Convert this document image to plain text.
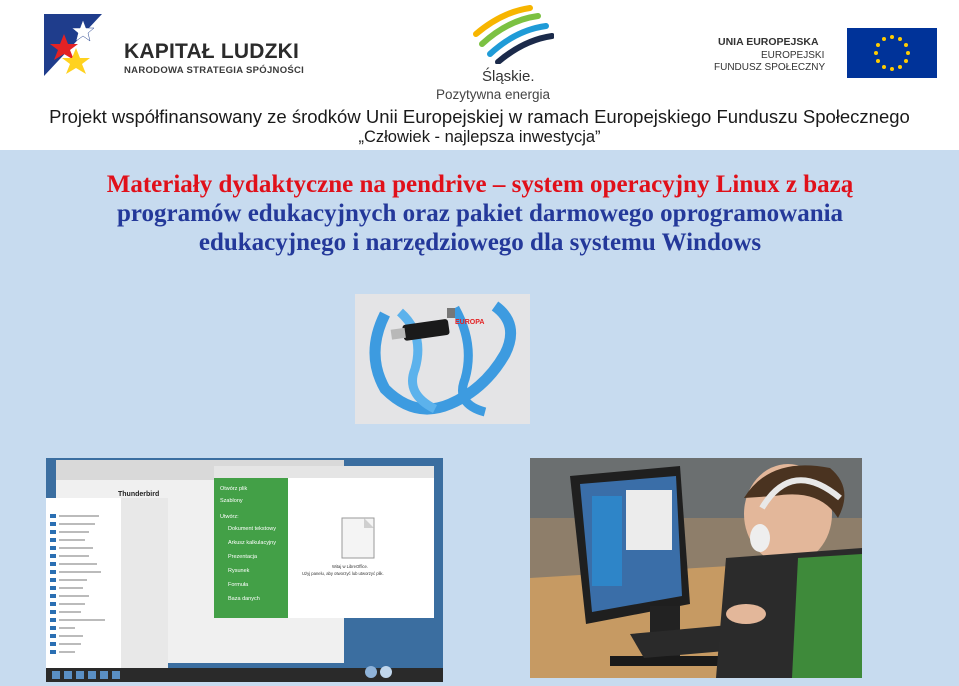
KAPITAŁ LUDZKI
NARODOWA STRATEGIA SPÓJNOŚCI	Śląskie.
Pozytywna energia
UNIA EUROPEJSKA
EUROPEJSKI
FUNDUSZ SPOŁECZNY
Projekt współfinansowany ze środków Unii Europejskiej w ramach Europejskiego Funduszu Społecznego
„Człowiek - najlepsza inwestycja”
Materiały dydaktyczne na pendrive – system operacyjny Linux z bazą
programów edukacyjnych oraz pakiet darmowego oprogramowania
edukacyjnego i narzędziowego dla systemu Windows
EUROPA
Thunderbird
Otwórz plik
Szablony
Utwórz:
Dokument tekstowy
Arkusz kalkulacyjny
Prezentacja
Rysunek
Formuła
Baza danych
Witaj w LibreOffice.
Użyj panelu, aby otworzyć lub utworzyć plik.
